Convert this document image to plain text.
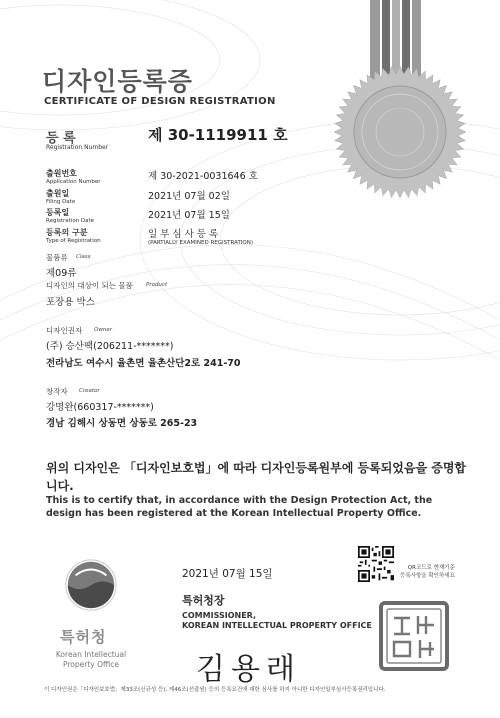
디자인등록증
CERTIFICATE OF DESIGN REGISTRATION
등 록
Registration Number
제 30-1119911 호
출원번호
Application Number	제 30-2021-0031646 호
출원일
Filing Date	2021년 07월 02일
등록일
Registration Date	2021년 07월 15일
등록의 구분
Type of Registration
일 부 심 사 등 록
(PARTIALLY EXAMINED REGISTRATION)
물품류 Class
제09류
디자인의 대상이 되는 물품 Product
포장용 박스
디자인권자 Owner
(주) 승산팩(206211-*******)
전라남도 여수시 율촌면 율촌산단2로 241-70
창작자 Creator
강명완(660317-*******)
경남 김해시 상동면 상동로 265-23
위의 디자인은 「디자인보호법」에 따라 디자인등록원부에 등록되었음을 증명합니다.
This is to certify that, in accordance with the Design Protection Act, the design has been registered at the Korean Intellectual Property Office.
2021년 07월 15일
특허청장
COMMISSIONER,
KOREAN INTELLECTUAL PROPERTY OFFICE
김용래
QR코드로 현재기준
등록사항을 확인하세요
특허청
Korean Intellectual
Property Office
이 디자인권은「디자인보호법」제33조(신규성 등), 제46조(선출원) 등의 등록요건에 대한 심사를 하지 아니한 디자인일부심사등록권리입니다.
